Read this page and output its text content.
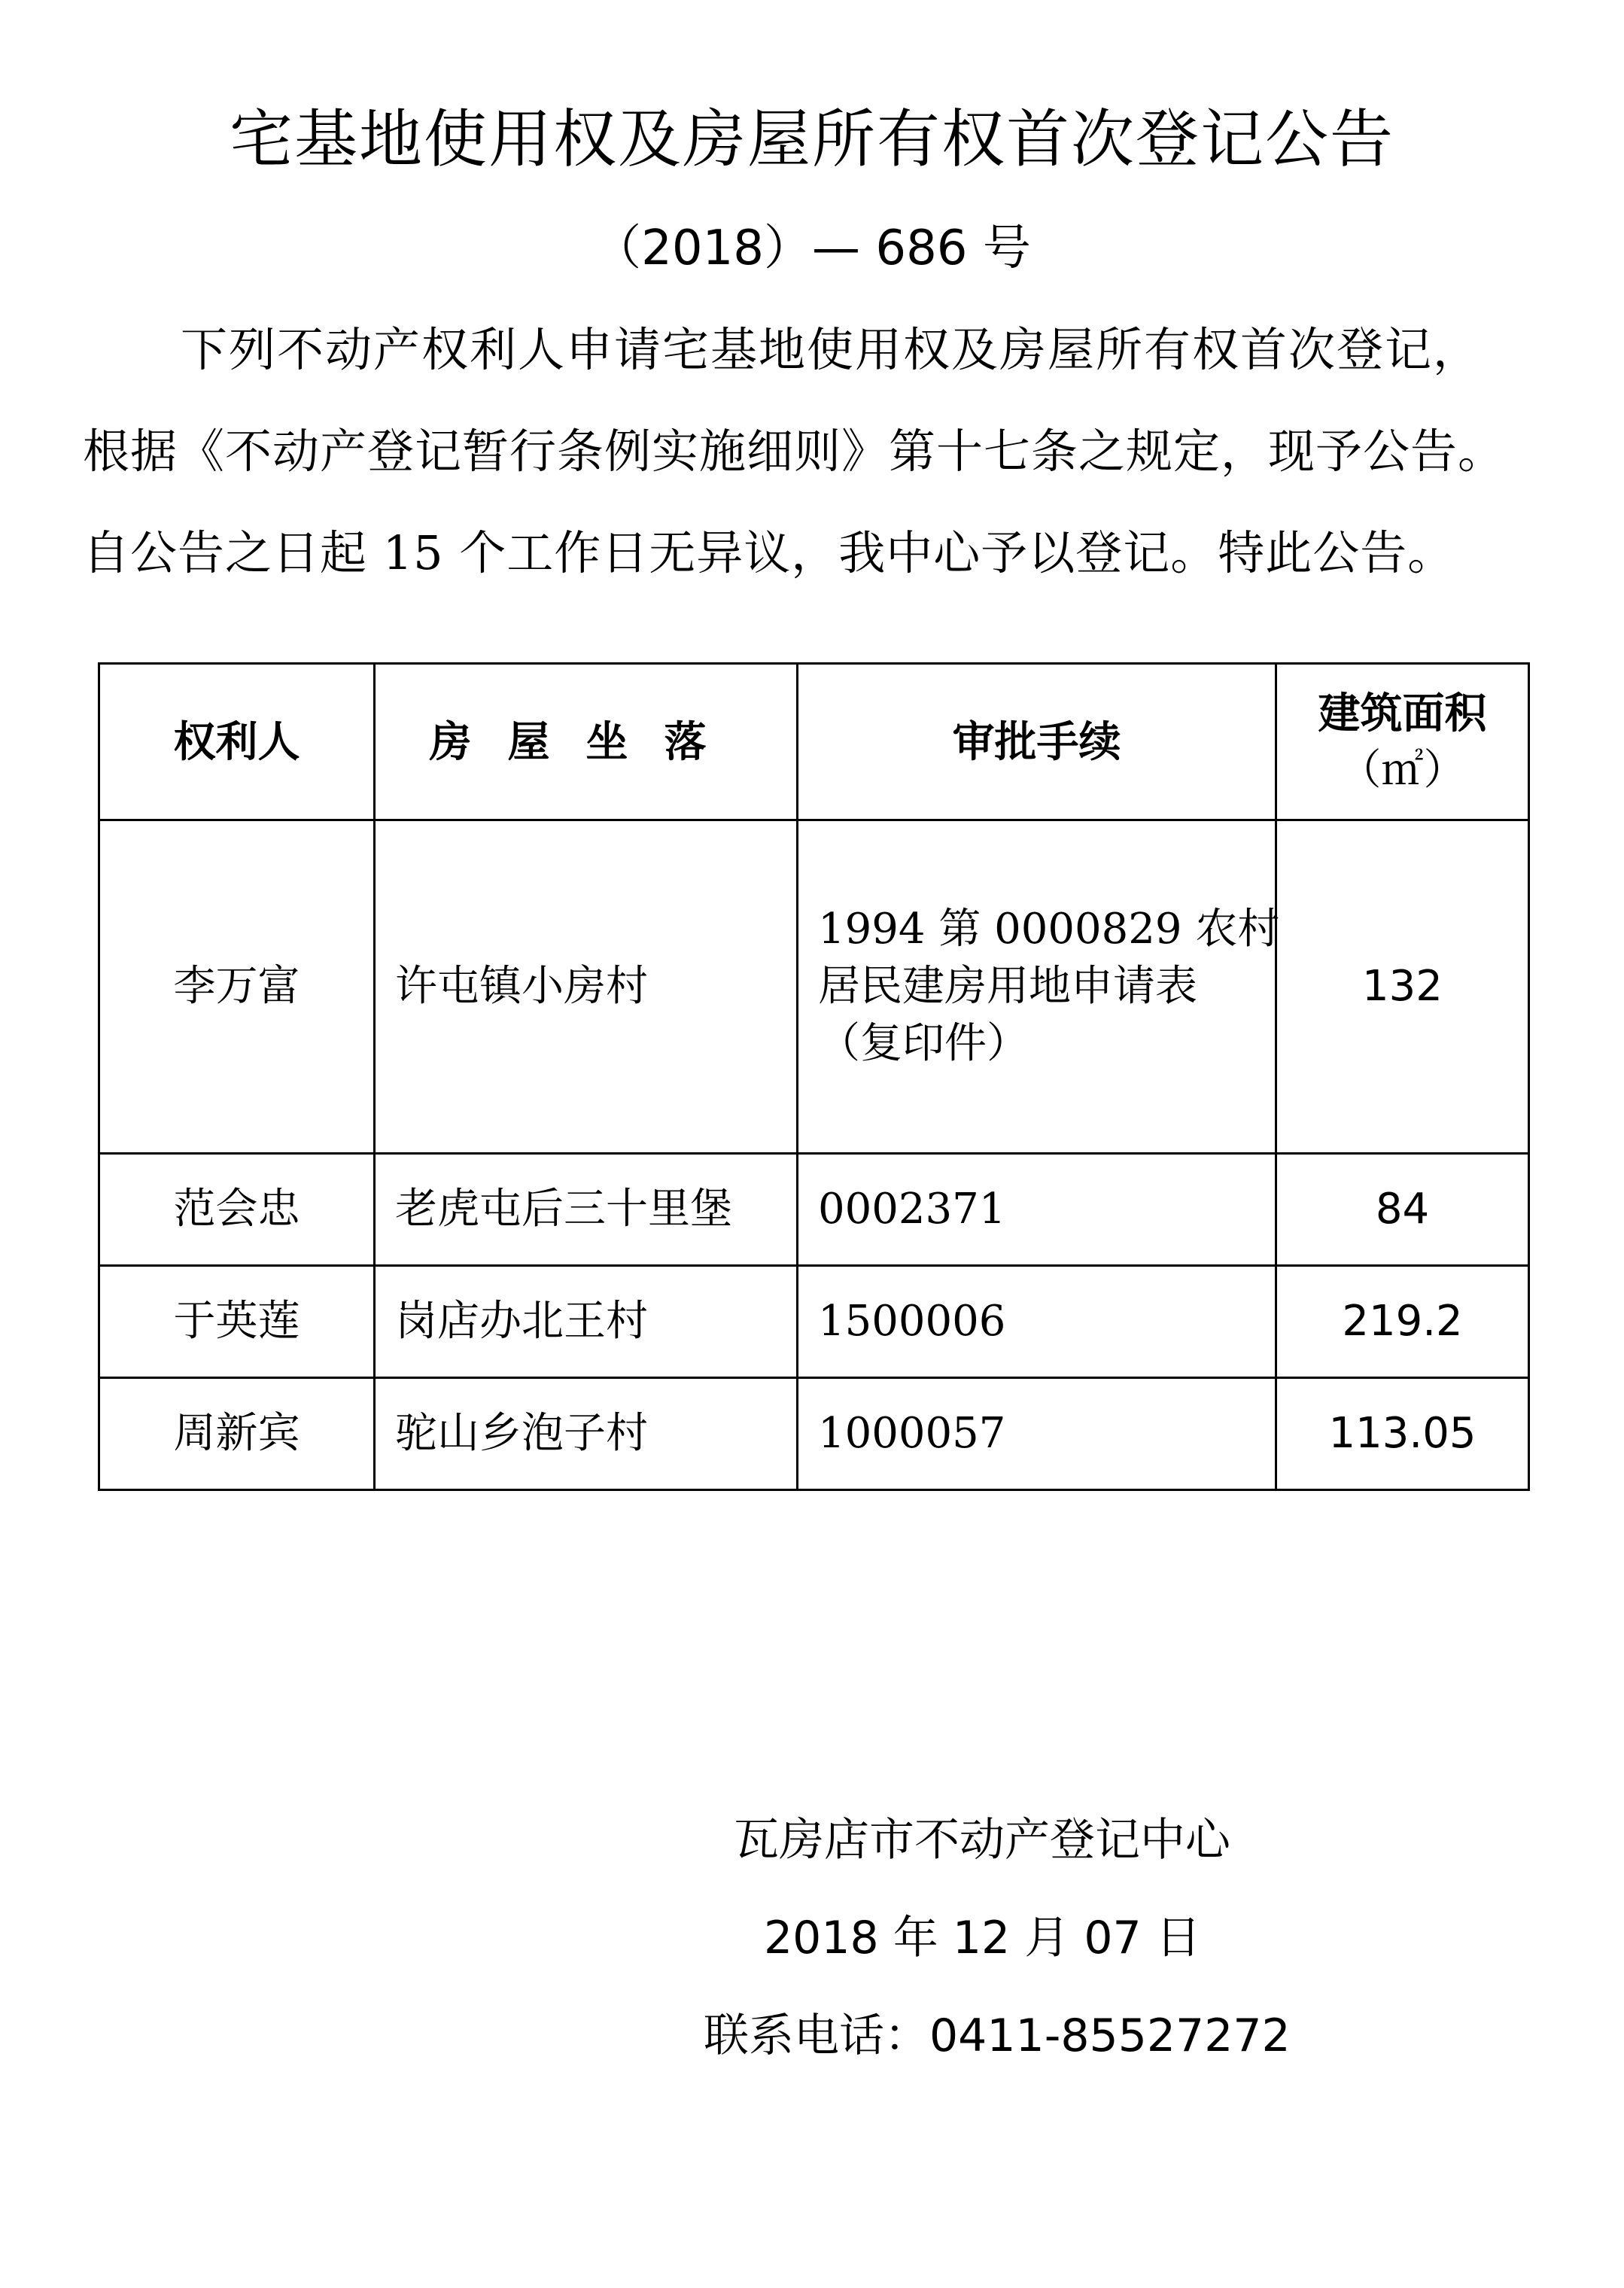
宅基地使用权及房屋所有权首次登记公告
（2018）— 686 号
下列不动产权利人申请宅基地使用权及房屋所有权首次登记，
根据《不动产登记暂行条例实施细则》第十七条之规定，现予公告。
自公告之日起 15 个工作日无异议，我中心予以登记。特此公告。
权利人	房屋坐落	审批手续	建筑面积
（㎡）

李万富	许屯镇小房村	1994 第 0000829 农村
居民建房用地申请表
（复印件）	132
范会忠	老虎屯后三十里堡	0002371	84
于英莲	岗店办北王村	1500006	219.2
周新宾	驼山乡泡子村	1000057	113.05
瓦房店市不动产登记中心
2018 年 12 月 07 日
联系电话：0411-85527272
